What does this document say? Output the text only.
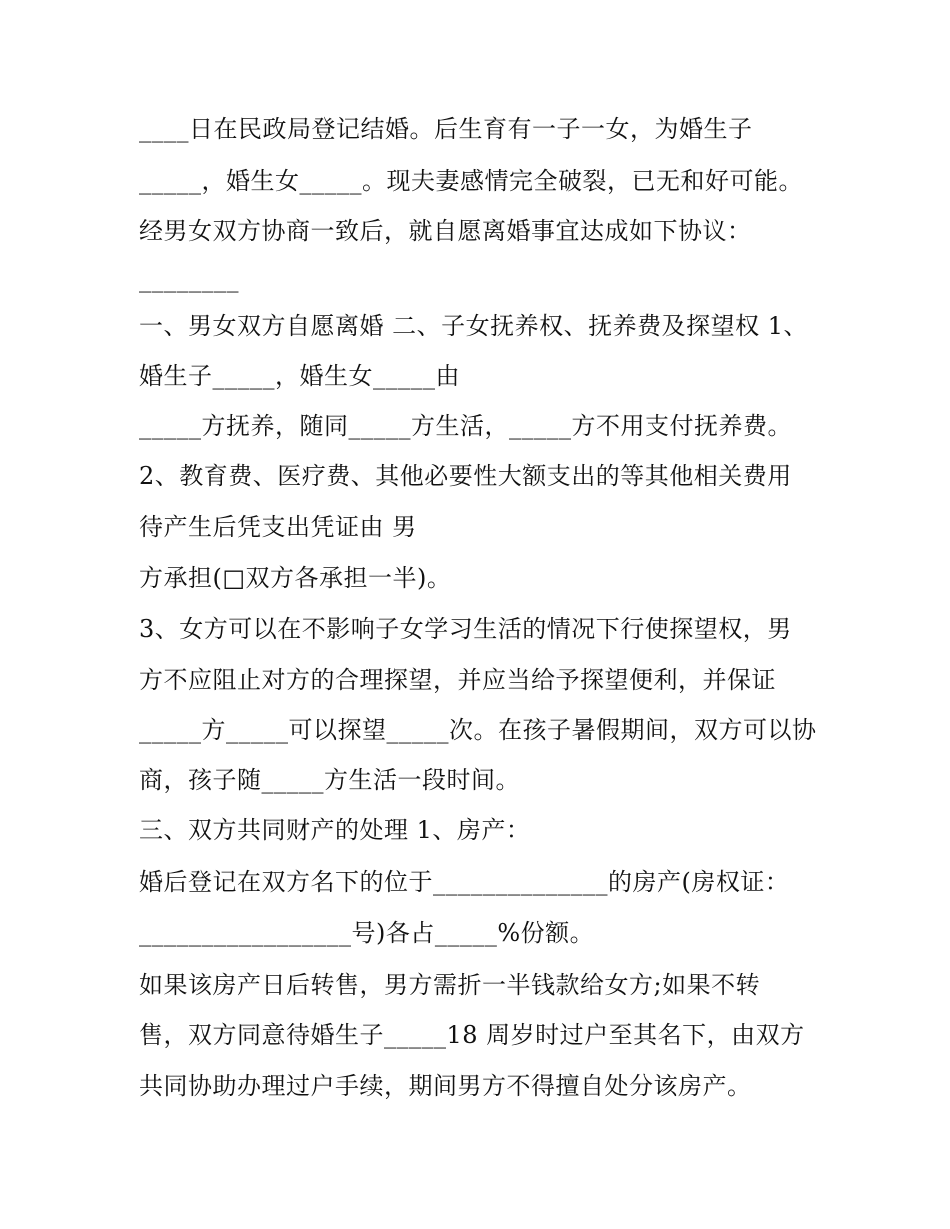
____日在民政局登记结婚。后生育有一子一女，为婚生子
_____，婚生女_____。现夫妻感情完全破裂，已无和好可能。
经男女双方协商一致后，就自愿离婚事宜达成如下协议：
________
一、男女双方自愿离婚 二、子女抚养权、抚养费及探望权 1、
婚生子_____，婚生女_____由
_____方抚养，随同_____方生活，_____方不用支付抚养费。
2、教育费、医疗费、其他必要性大额支出的等其他相关费用
待产生后凭支出凭证由 男
方承担(□双方各承担一半)。
3、女方可以在不影响子女学习生活的情况下行使探望权，男
方不应阻止对方的合理探望，并应当给予探望便利，并保证
_____方_____可以探望_____次。在孩子暑假期间，双方可以协
商，孩子随_____方生活一段时间。
三、双方共同财产的处理 1、房产：
婚后登记在双方名下的位于______________的房产(房权证：
_________________号)各占_____%份额。
如果该房产日后转售，男方需折一半钱款给女方;如果不转
售，双方同意待婚生子_____18 周岁时过户至其名下，由双方
共同协助办理过户手续，期间男方不得擅自处分该房产。
